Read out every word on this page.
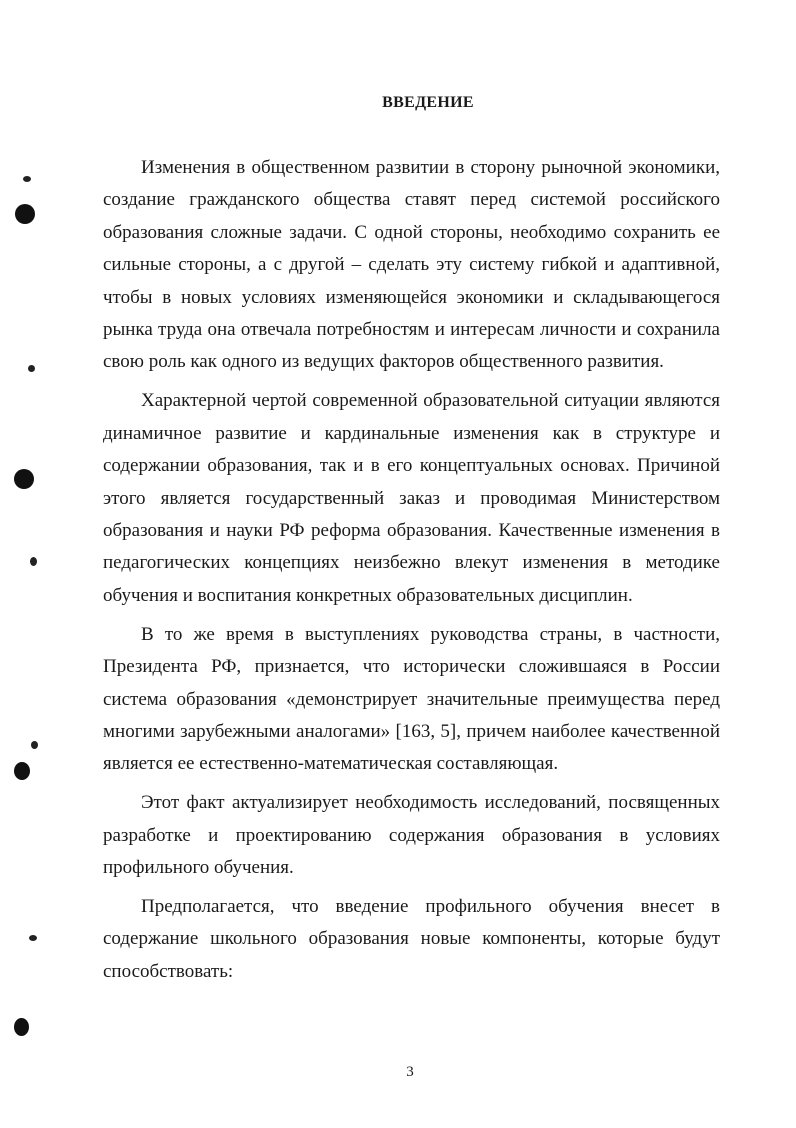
ВВЕДЕНИЕ

Изменения в общественном развитии в сторону рыночной экономики, создание гражданского общества ставят перед системой российского образования сложные задачи. С одной стороны, необходимо сохранить ее сильные стороны, а с другой – сделать эту систему гибкой и адаптивной, чтобы в новых условиях изменяющейся экономики и складывающегося рынка труда она отвечала потребностям и интересам личности и сохранила свою роль как одного из ведущих факторов общественного развития.

Характерной чертой современной образовательной ситуации являются динамичное развитие и кардинальные изменения как в структуре и содержании образования, так и в его концептуальных основах. Причиной этого является государственный заказ и проводимая Министерством образования и науки РФ реформа образования. Качественные изменения в педагогических концепциях неизбежно влекут изменения в методике обучения и воспитания конкретных образовательных дисциплин.

В то же время в выступлениях руководства страны, в частности, Президента РФ, признается, что исторически сложившаяся в России система образования «демонстрирует значительные преимущества перед многими зарубежными аналогами» [163, 5], причем наиболее качественной является ее естественно-математическая составляющая.

Этот факт актуализирует необходимость исследований, посвященных разработке и проектированию содержания образования в условиях профильного обучения.

Предполагается, что введение профильного обучения внесет в содержание школьного образования новые компоненты, которые будут способствовать:

3
